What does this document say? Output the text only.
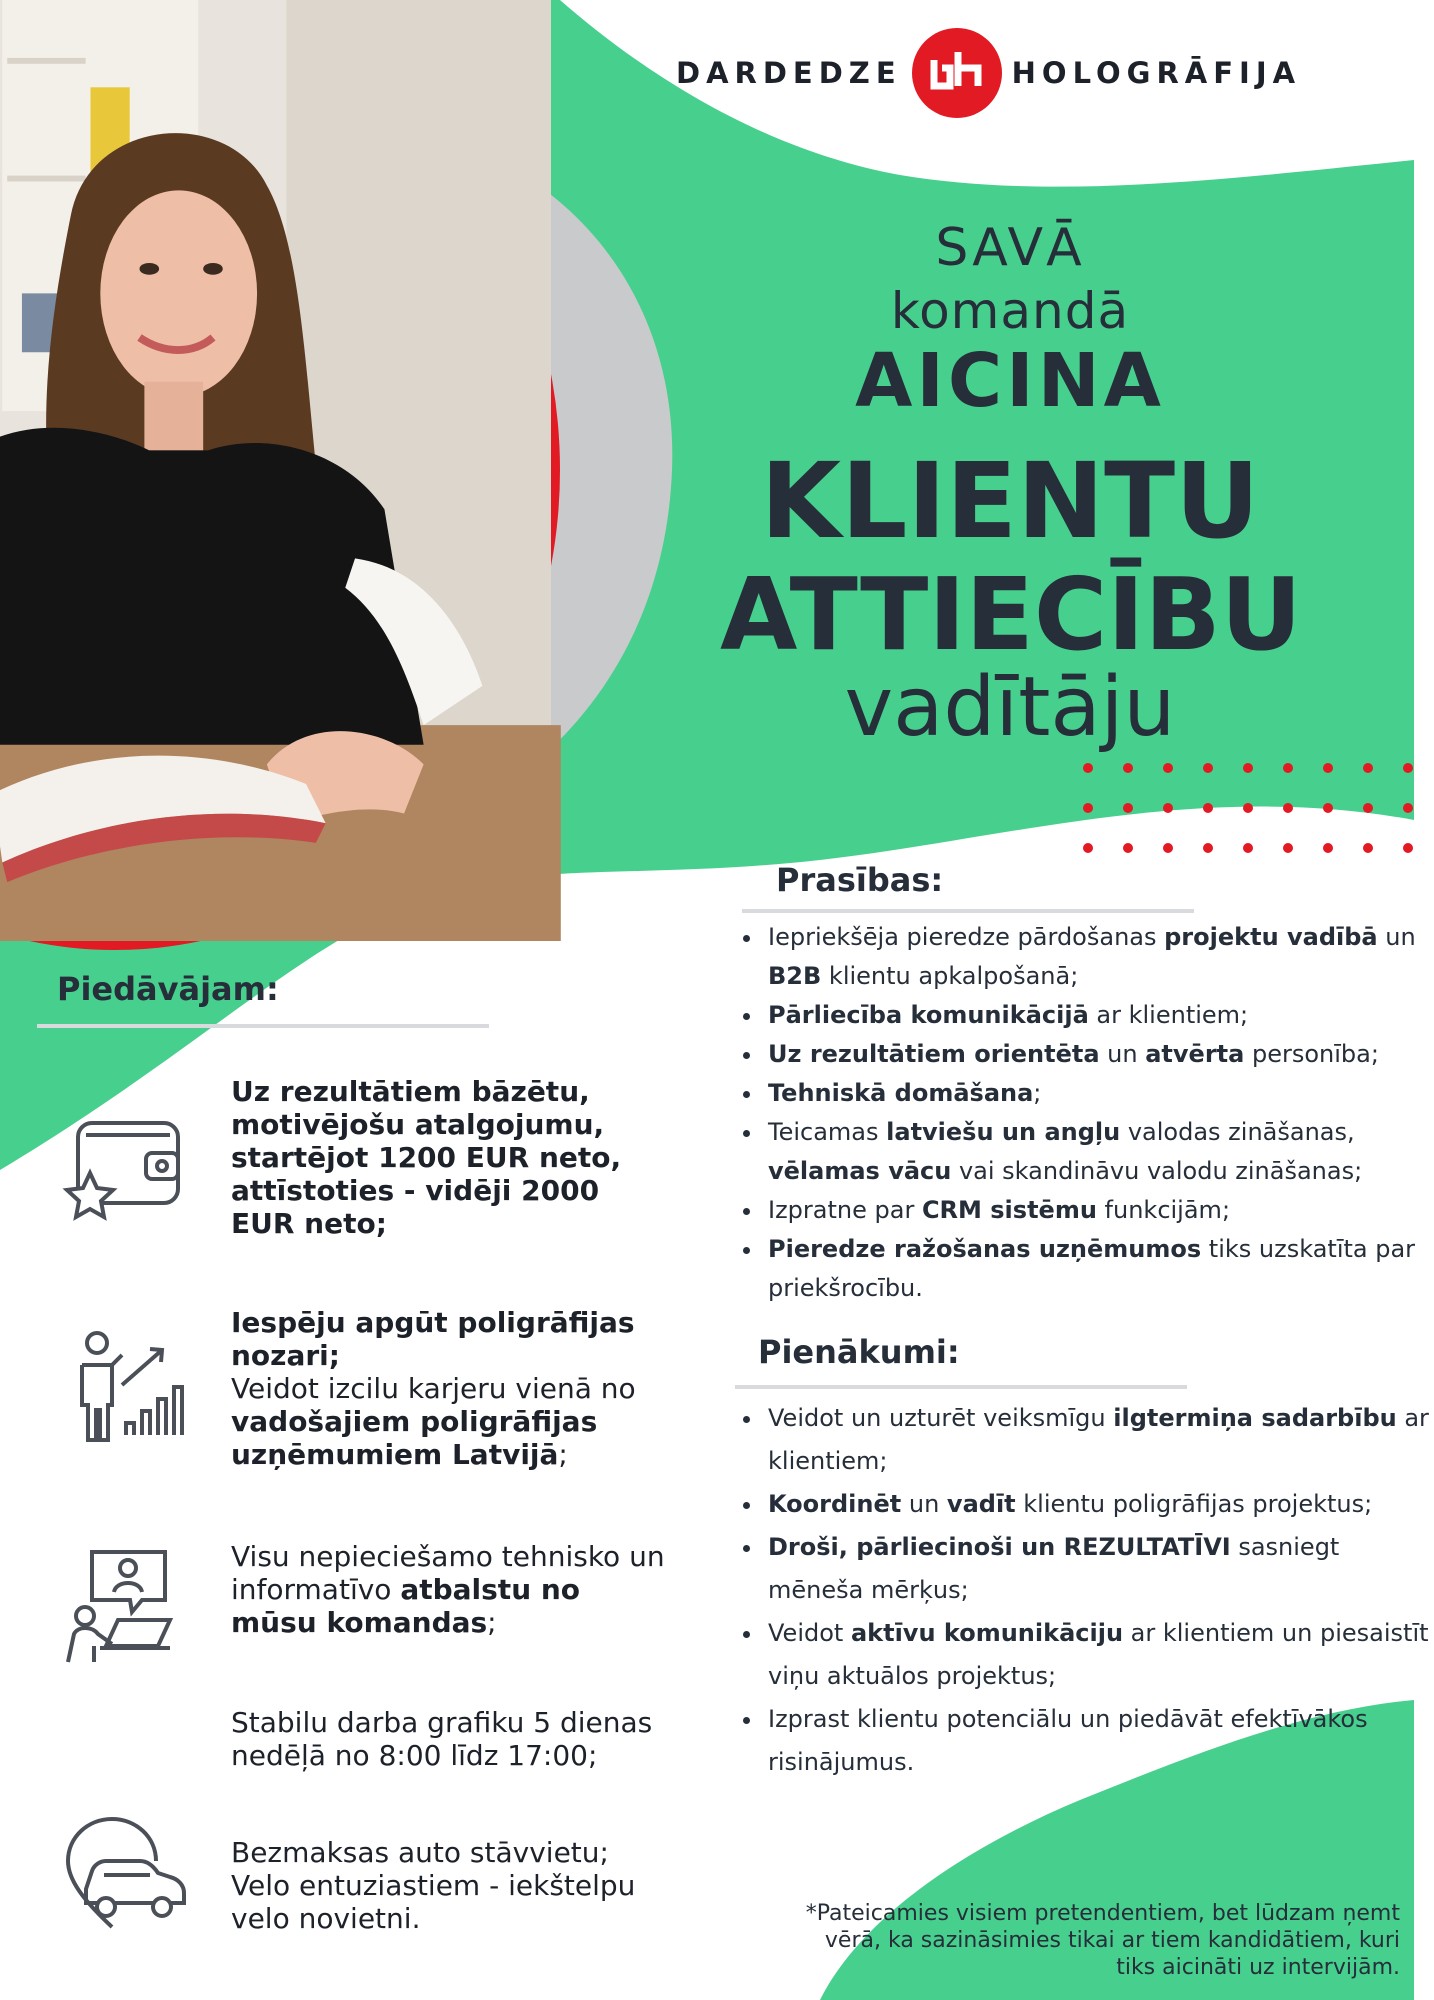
DARDEDZE	HOLOGRĀFIJA
SAVĀ
komandā
AICINA
KLIENTU
ATTIECĪBU
vadītāju
Piedāvājam:
Uz rezultātiem bāzētu, motivējošu atalgojumu, startējot 1200 EUR neto, attīstoties - vidēji 2000 EUR neto;
Iespēju apgūt poligrāfijas nozari;
Veidot izcilu karjeru vienā no vadošajiem poligrāfijas uzņēmumiem Latvijā;
Visu nepieciešamo tehnisko un informatīvo atbalstu no mūsu komandas;
Stabilu darba grafiku 5 dienas nedēļā no 8:00 līdz 17:00;
Bezmaksas auto stāvvietu; Velo entuziastiem - iekštelpu velo novietni.
Prasības:
• Iepriekšēja pieredze pārdošanas projektu vadībā un B2B klientu apkalpošanā;
• Pārliecība komunikācijā ar klientiem;
• Uz rezultātiem orientēta un atvērta personība;
• Tehniskā domāšana;
• Teicamas latviešu un angļu valodas zināšanas, vēlamas vācu vai skandināvu valodu zināšanas;
• Izpratne par CRM sistēmu funkcijām;
• Pieredze ražošanas uzņēmumos tiks uzskatīta par priekšrocību.
Pienākumi:
• Veidot un uzturēt veiksmīgu ilgtermiņa sadarbību ar klientiem;
• Koordinēt un vadīt klientu poligrāfijas projektus;
• Droši, pārliecinoši un REZULTATĪVI sasniegt mēneša mērķus;
• Veidot aktīvu komunikāciju ar klientiem un piesaistīt viņu aktuālos projektus;
• Izprast klientu potenciālu un piedāvāt efektīvākos risinājumus.
*Pateicamies visiem pretendentiem, bet lūdzam ņemt vērā, ka sazināsimies tikai ar tiem kandidātiem, kuri tiks aicināti uz intervijām.
